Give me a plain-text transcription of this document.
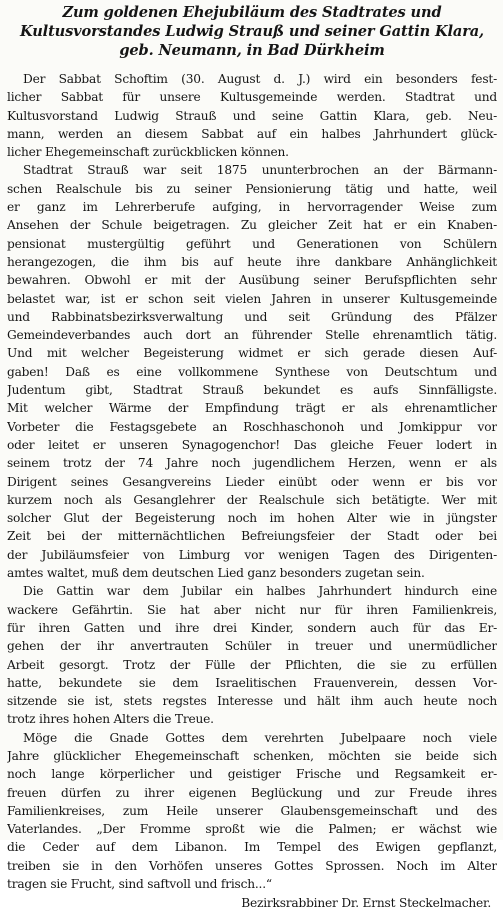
Zum goldenen Ehejubiläum des Stadtrates und Kultusvorstandes Ludwig Strauß und seiner Gattin Klara, geb. Neumann, in Bad Dürkheim
Der Sabbat Schoftim (30. August d. J.) wird ein besonders fest-
licher Sabbat für unsere Kultusgemeinde werden. Stadtrat und
Kultusvorstand Ludwig Strauß und seine Gattin Klara, geb. Neu-
mann, werden an diesem Sabbat auf ein halbes Jahrhundert glück-
licher Ehegemeinschaft zurückblicken können.
Stadtrat Strauß war seit 1875 ununterbrochen an der Bärmann-
schen Realschule bis zu seiner Pensionierung tätig und hatte, weil
er ganz im Lehrerberufe aufging, in hervorragender Weise zum
Ansehen der Schule beigetragen. Zu gleicher Zeit hat er ein Knaben-
pensionat mustergültig geführt und Generationen von Schülern
herangezogen, die ihm bis auf heute ihre dankbare Anhänglichkeit
bewahren. Obwohl er mit der Ausübung seiner Berufspflichten sehr
belastet war, ist er schon seit vielen Jahren in unserer Kultusgemeinde
und Rabbinatsbezirksverwaltung und seit Gründung des Pfälzer
Gemeindeverbandes auch dort an führender Stelle ehrenamtlich tätig.
Und mit welcher Begeisterung widmet er sich gerade diesen Auf-
gaben! Daß es eine vollkommene Synthese von Deutschtum und
Judentum gibt, Stadtrat Strauß bekundet es aufs Sinnfälligste.
Mit welcher Wärme der Empfindung trägt er als ehrenamtlicher
Vorbeter die Festagsgebete an Roschhaschonoh und Jomkippur vor
oder leitet er unseren Synagogenchor! Das gleiche Feuer lodert in
seinem trotz der 74 Jahre noch jugendlichem Herzen, wenn er als
Dirigent seines Gesangvereins Lieder einübt oder wenn er bis vor
kurzem noch als Gesanglehrer der Realschule sich betätigte. Wer mit
solcher Glut der Begeisterung noch im hohen Alter wie in jüngster
Zeit bei der mitternächtlichen Befreiungsfeier der Stadt oder bei
der Jubiläumsfeier von Limburg vor wenigen Tagen des Dirigenten-
amtes waltet, muß dem deutschen Lied ganz besonders zugetan sein.
Die Gattin war dem Jubilar ein halbes Jahrhundert hindurch eine
wackere Gefährtin. Sie hat aber nicht nur für ihren Familienkreis,
für ihren Gatten und ihre drei Kinder, sondern auch für das Er-
gehen der ihr anvertrauten Schüler in treuer und unermüdlicher
Arbeit gesorgt. Trotz der Fülle der Pflichten, die sie zu erfüllen
hatte, bekundete sie dem Israelitischen Frauenverein, dessen Vor-
sitzende sie ist, stets regstes Interesse und hält ihm auch heute noch
trotz ihres hohen Alters die Treue.
Möge die Gnade Gottes dem verehrten Jubelpaare noch viele
Jahre glücklicher Ehegemeinschaft schenken, möchten sie beide sich
noch lange körperlicher und geistiger Frische und Regsamkeit er-
freuen dürfen zu ihrer eigenen Beglückung und zur Freude ihres
Familienkreises, zum Heile unserer Glaubensgemeinschaft und des
Vaterlandes. „Der Fromme sproßt wie die Palmen; er wächst wie
die Ceder auf dem Libanon. Im Tempel des Ewigen gepflanzt,
treiben sie in den Vorhöfen unseres Gottes Sprossen. Noch im Alter
tragen sie Frucht, sind saftvoll und frisch...“
Bezirksrabbiner Dr. Ernst Steckelmacher.
